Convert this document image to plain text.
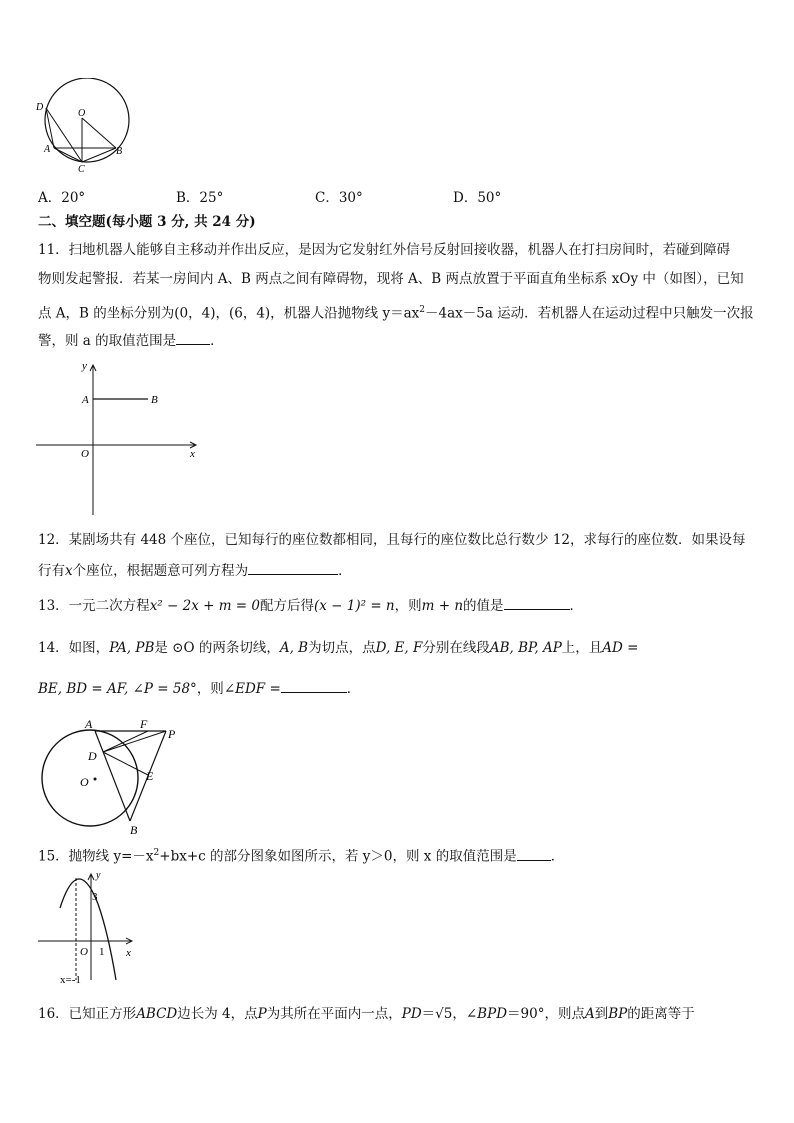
D
O
A	B
C
A．20°	B．25°	C．30°	D．50°
二、填空题(每小题 3 分, 共 24 分)
11．扫地机器人能够自主移动并作出反应，是因为它发射红外信号反射回接收器，机器人在打扫房间时，若碰到障碍
物则发起警报．若某一房间内 A、B 两点之间有障碍物，现将 A、B 两点放置于平面直角坐标系 xOy 中（如图），已知
点 A，B 的坐标分别为(0，4)，(6，4)，机器人沿抛物线 $y=ax^2-4ax-5a$ 运动．若机器人在运动过程中只触发一次报
警，则 a 的取值范围是	．
y
A	B
O	x
12．某剧场共有 448 个座位，已知每行的座位数都相同，且每行的座位数比总行数少 12，求每行的座位数．如果设每
行有x个座位，根据题意可列方程为	．
13．一元二次方程x² − 2x + m = 0配方后得(x − 1)² = n，则m + n的值是	．
14．如图，PA, PB是 ⊙O 的两条切线，A, B为切点，点D, E, F分别在线段AB, BP, AP上，且AD =
BE, BD = AF, ∠P = 58°，则∠EDF =	．
A	F
P
D
O	E
B
15．抛物线 $y=-x^2+bx+c$ 的部分图象如图所示，若 y＞0，则 x 的取值范围是	．
y
3
O 1 x
x=-1
16．已知正方形ABCD边长为 4，点P为其所在平面内一点，PD＝√5，∠BPD＝90°，则点A到BP的距离等于
